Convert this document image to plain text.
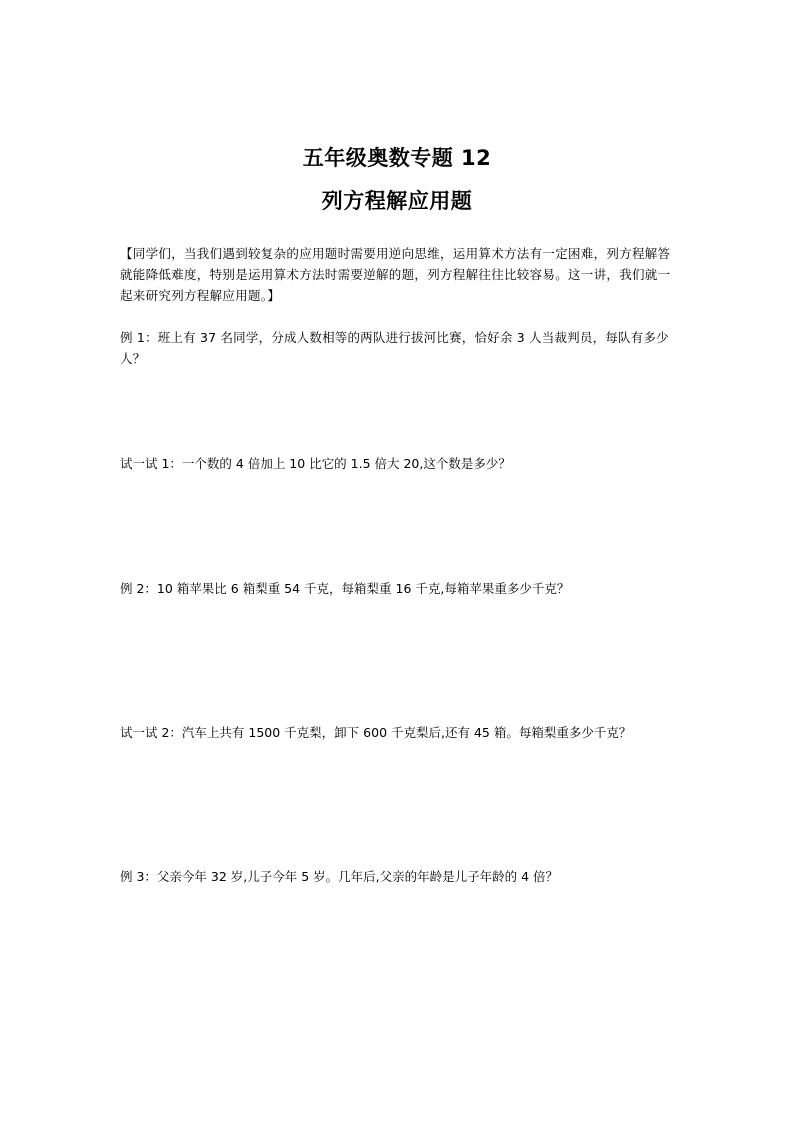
五年级奥数专题 12
列方程解应用题

【同学们，当我们遇到较复杂的应用题时需要用逆向思维，运用算术方法有一定困难，列方程解答就能降低难度，特别是运用算术方法时需要逆解的题，列方程解往往比较容易。这一讲，我们就一起来研究列方程解应用题。】

例 1：班上有 37 名同学，分成人数相等的两队进行拔河比赛，恰好余 3 人当裁判员，每队有多少人？

试一试 1：一个数的 4 倍加上 10 比它的 1.5 倍大 20,这个数是多少？

例 2：10 箱苹果比 6 箱梨重 54 千克，每箱梨重 16 千克,每箱苹果重多少千克？

试一试 2：汽车上共有 1500 千克梨，卸下 600 千克梨后,还有 45 箱。每箱梨重多少千克？

例 3：父亲今年 32 岁,儿子今年 5 岁。几年后,父亲的年龄是儿子年龄的 4 倍？
